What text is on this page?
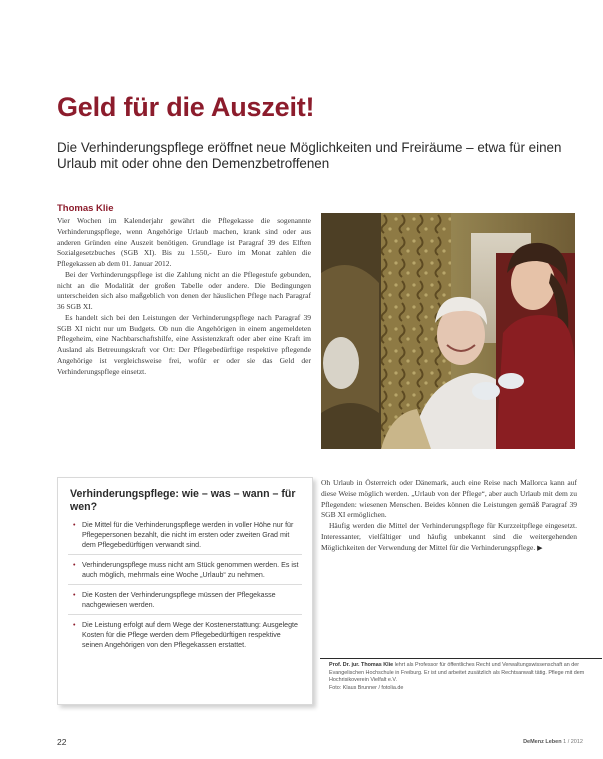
Geld für die Auszeit!
Die Verhinderungspflege eröffnet neue Möglichkeiten und Freiräume – etwa für einen Urlaub mit oder ohne den Demenzbetroffenen
Thomas Klie

Vier Wochen im Kalenderjahr gewährt die Pflegekasse die sogenannte Verhinderungspflege, wenn Angehörige Urlaub machen, krank sind oder aus anderen Gründen eine Auszeit benötigen. Grundlage ist Paragraf 39 des Elften Sozialgesetzbuches (SGB XI). Bis zu 1.550,- Euro im Monat zahlen die Pflegekassen ab dem 01. Januar 2012.

Bei der Verhinderungspflege ist die Zahlung nicht an die Pflegestufe gebunden, nicht an die Modalität der großen Tabelle oder andere. Die Bedingungen unterscheiden sich also maßgeblich von denen der häuslichen Pflege nach Paragraf 36 SGB XI.

Es handelt sich bei den Leistungen der Verhinderungspflege nach Paragraf 39 SGB XI nicht nur um Budgets. Ob nun die Angehörigen in einem angemeldeten Pflegeheim, eine Nachbarschaftshilfe, eine Assistenzkraft oder aber eine Kraft im Ausland als Betreuungskraft vor Ort: Der Pflegebedürftige respektive pflegende Angehörige ist vergleichsweise frei, wofür er oder sie das Geld der Verhinderungspflege einsetzt.

Verhinderungspflege: wie – was – wann – für wen?
• Die Mittel für die Verhinderungspflege werden in voller Höhe nur für Pflegepersonen bezahlt, die nicht im ersten oder zweiten Grad mit dem Pflegebedürftigen verwandt sind.
• Verhinderungspflege muss nicht am Stück genommen werden. Es ist auch möglich, mehrmals eine Woche „Urlaub“ zu nehmen.
• Die Kosten der Verhinderungspflege müssen der Pflegekasse nachgewiesen werden.
• Die Leistung erfolgt auf dem Wege der Kostenerstattung: Ausgelegte Kosten für die Pflege werden dem Pflegebedürftigen respektive seinen Angehörigen von den Pflegekassen erstattet.

Oh Urlaub in Österreich oder Dänemark, auch eine Reise nach Mallorca kann auf diese Weise möglich werden. „Urlaub von der Pflege“, aber auch Urlaub mit dem zu Pflegenden: wiesenen Menschen. Beides können die Leistungen gemäß Paragraf 39 SGB XI ermöglichen.

Häufig werden die Mittel der Verhinderungspflege für Kurzzeitpflege eingesetzt. Interessanter, vielfältiger und häufig unbekannt sind die weitergehenden Möglichkeiten der Verwendung der Mittel für die Verhinderungspflege. ▶

Prof. Dr. jur. Thomas Klie lehrt als Professor für öffentliches Recht und Verwaltungswissenschaft an der Evangelischen Hochschule in Freiburg. Er ist und arbeitet zusätzlich als Rechtsanwalt tätig. Pflege mit dem Hochrisikoverein Vielfalt e.V.
Foto: Klaus Brunner / fotolia.de
22	DeMenz Leben 1 / 2012
